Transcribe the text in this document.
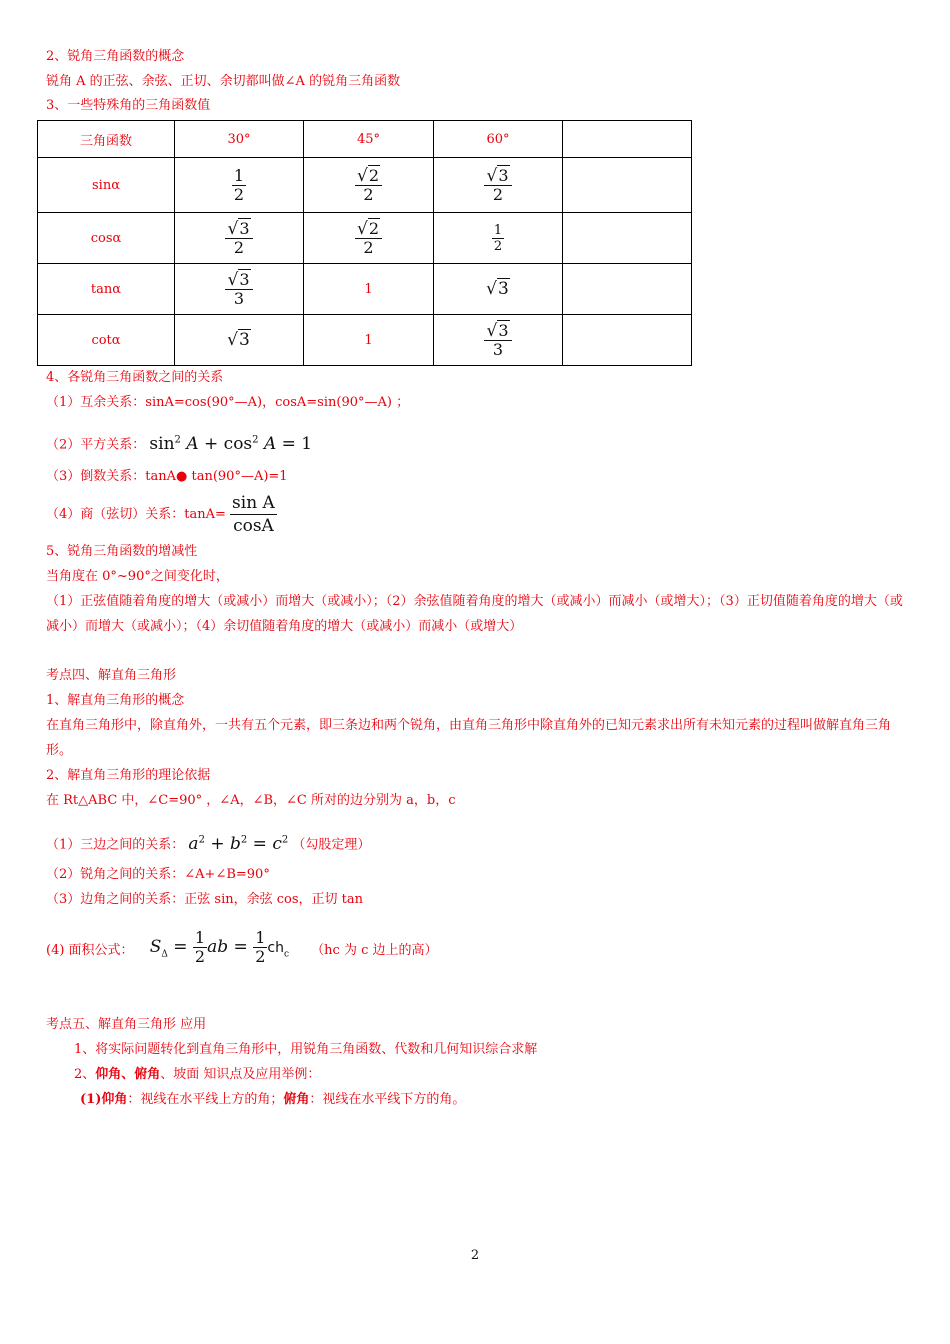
2、锐角三角函数的概念
锐角 A 的正弦、余弦、正切、余切都叫做∠A 的锐角三角函数
3、一些特殊角的三角函数值
三角函数	30°	45°	60°	
sinα	$\frac{1}{2}$	$\frac{√2}{2}$	$\frac{√3}{2}$

cosα	$\frac{√3}{2}$	$\frac{√2}{2}$	$\frac{1}{2}$

tanα	$\frac{√3}{3}$	1	√3	
cotα	√3	1	$\frac{√3}{3}$

4、各锐角三角函数之间的关系
（1）互余关系：sinA=cos(90°—A)，cosA=sin(90°—A) ；
（2）平方关系： $\sin^2 A + \cos^2 A = 1$
（3）倒数关系：tanA● tan(90°—A)=1
（4）商（弦切）关系：$\tan A= \frac{\text{sin A}}{\cos A}$
5、锐角三角函数的增减性
当角度在 0°~90°之间变化时，
（1）正弦值随着角度的增大（或减小）而增大（或减小）；（2）余弦值随着角度的增大（或减小）而减小（或增大）；（3）正切值随着角度的增大（或减小）而增大（或减小）；（4）余切值随着角度的增大（或减小）而减小（或增大）
考点四、解直角三角形
1、解直角三角形的概念
在直角三角形中，除直角外，一共有五个元素，即三条边和两个锐角，由直角三角形中除直角外的已知元素求出所有未知元素的过程叫做解直角三角形。
2、解直角三角形的理论依据
在 Rt△ABC 中，∠C=90° ，∠A，∠B，∠C 所对的边分别为 a，b，c
（1）三边之间的关系： $a^2 + b^2 = c^2$ （勾股定理）
（2）锐角之间的关系：∠A+∠B=90°
（3）边角之间的关系：正弦 sin，余弦 cos，正切 tan
(4) 面积公式： $S_\Delta = \frac{1}{2}$ ab = $\frac{1}{2} ch_c$ （hc 为 c 边上的高）
考点五、解直角三角形 应用
1、将实际问题转化到直角三角形中，用锐角三角函数、代数和几何知识综合求解
2、仰角、俯角、坡面 知识点及应用举例：
(1)仰角：视线在水平线上方的角；俯角：视线在水平线下方的角。
2
